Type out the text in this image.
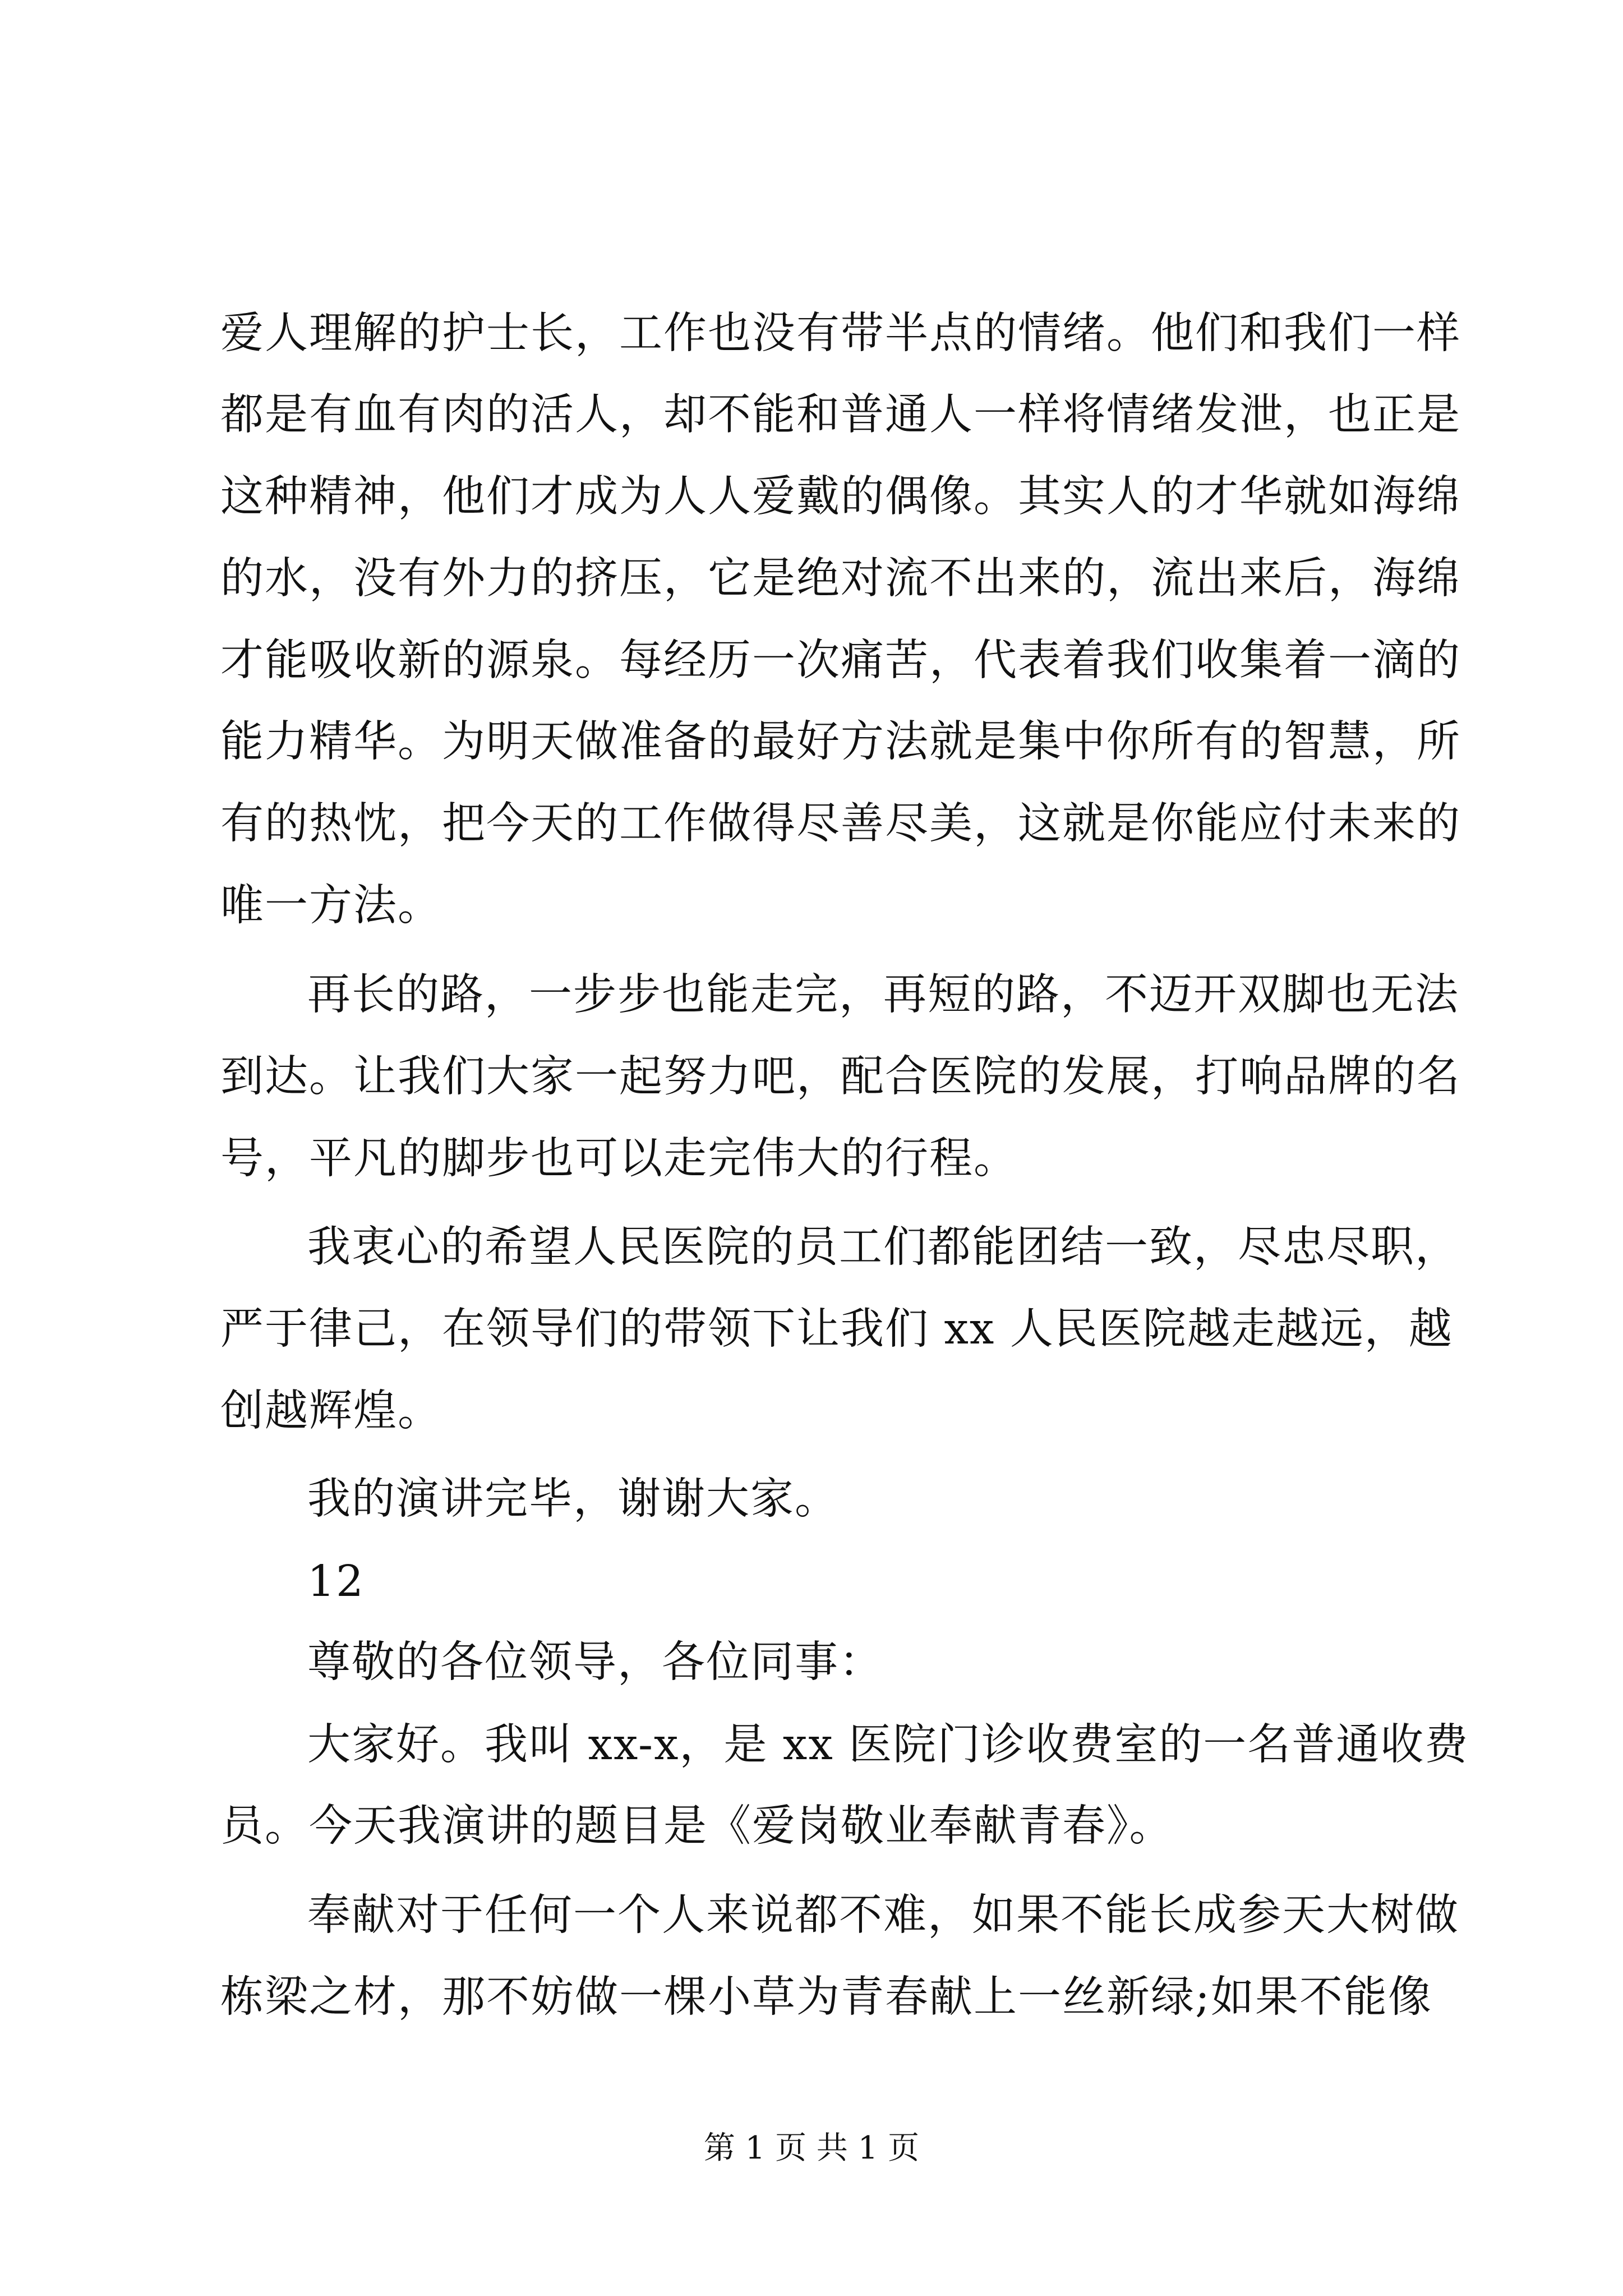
爱人理解的护士长，工作也没有带半点的情绪。他们和我们一样
都是有血有肉的活人，却不能和普通人一样将情绪发泄，也正是
这种精神，他们才成为人人爱戴的偶像。其实人的才华就如海绵
的水，没有外力的挤压，它是绝对流不出来的，流出来后，海绵
才能吸收新的源泉。每经历一次痛苦，代表着我们收集着一滴的
能力精华。为明天做准备的最好方法就是集中你所有的智慧，所
有的热忱，把今天的工作做得尽善尽美，这就是你能应付未来的
唯一方法。
再长的路，一步步也能走完，再短的路，不迈开双脚也无法
到达。让我们大家一起努力吧，配合医院的发展，打响品牌的名
号，平凡的脚步也可以走完伟大的行程。
我衷心的希望人民医院的员工们都能团结一致，尽忠尽职，
严于律己，在领导们的带领下让我们 xx 人民医院越走越远，越
创越辉煌。
我的演讲完毕，谢谢大家。
12
尊敬的各位领导，各位同事：
大家好。我叫 xx-x，是 xx 医院门诊收费室的一名普通收费
员。今天我演讲的题目是《爱岗敬业奉献青春》。
奉献对于任何一个人来说都不难，如果不能长成参天大树做
栋梁之材，那不妨做一棵小草为青春献上一丝新绿;如果不能像
第 1 页 共 1 页
